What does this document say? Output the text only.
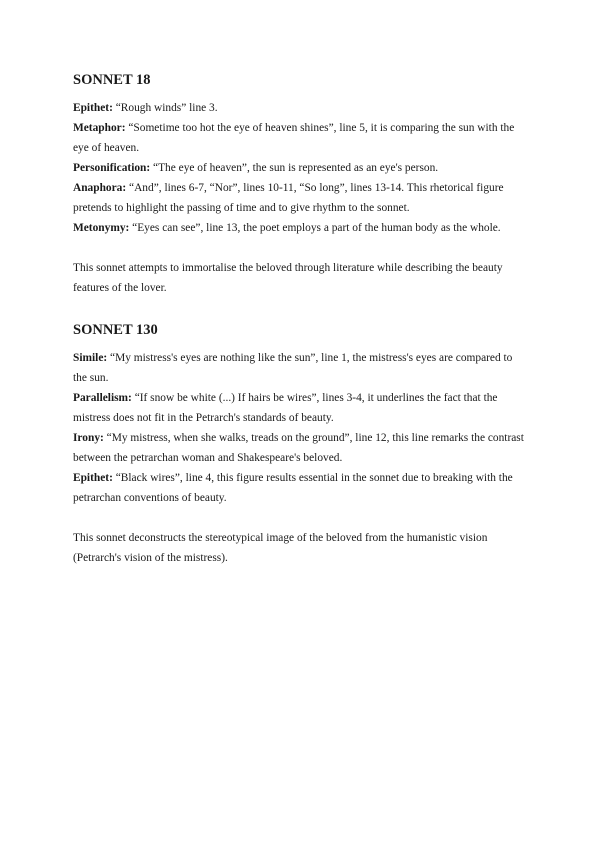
SONNET 18

Epithet: “Rough winds” line 3.

Metaphor: “Sometime too hot the eye of heaven shines”, line 5, it is comparing the sun with the eye of heaven.

Personification: “The eye of heaven”, the sun is represented as an eye's person.

Anaphora: “And”, lines 6-7, “Nor”, lines 10-11, “So long”, lines 13-14. This rhetorical figure pretends to highlight the passing of time and to give rhythm to the sonnet.

Metonymy: “Eyes can see”, line 13, the poet employs a part of the human body as the whole.

This sonnet attempts to immortalise the beloved through literature while describing the beauty features of the lover.

SONNET 130

Simile: “My mistress's eyes are nothing like the sun”, line 1, the mistress's eyes are compared to the sun.

Parallelism: “If snow be white (...) If hairs be wires”, lines 3-4, it underlines the fact that the mistress does not fit in the Petrarch's standards of beauty.

Irony: “My mistress, when she walks, treads on the ground”, line 12, this line remarks the contrast between the petrarchan woman and Shakespeare's beloved.

Epithet: “Black wires”, line 4, this figure results essential in the sonnet due to breaking with the petrarchan conventions of beauty.

This sonnet deconstructs the stereotypical image of the beloved from the humanistic vision (Petrarch's vision of the mistress).
